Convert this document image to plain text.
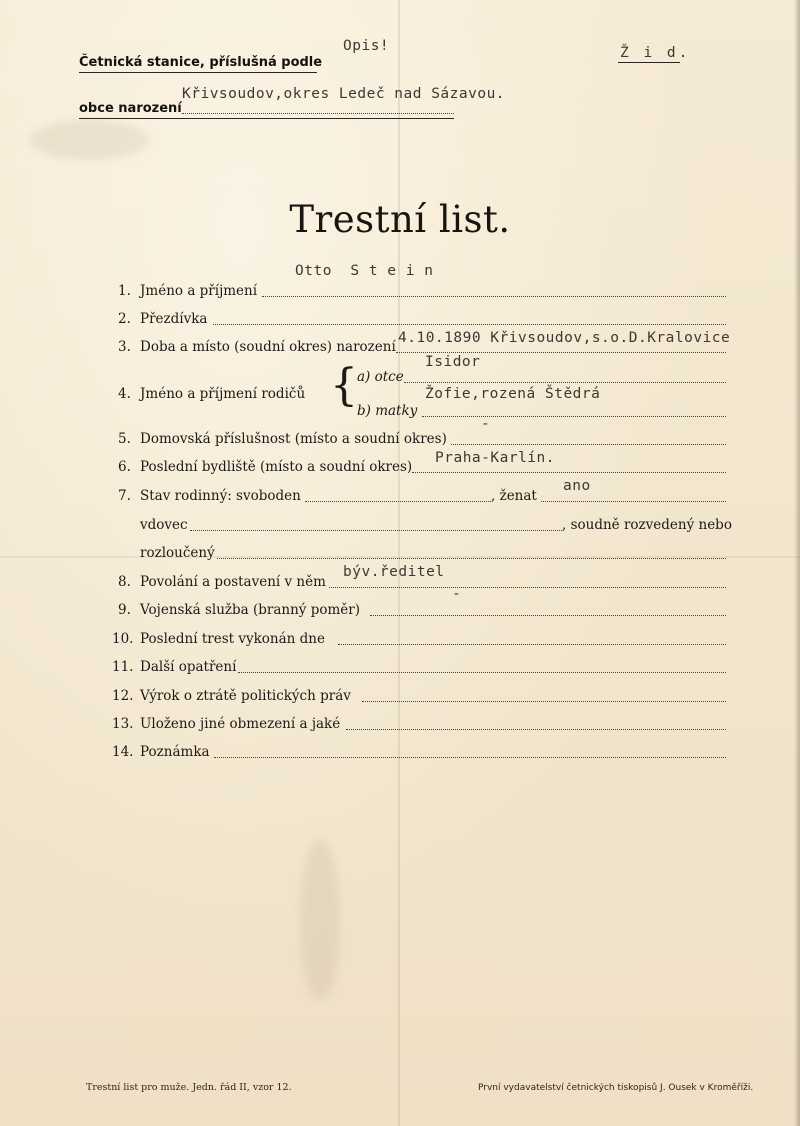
Četnická stanice, příslušná podle
Opis!	Ž i d.
obce narození
Křivsoudov,okres Ledeč nad Sázavou.
Trestní list.
1. Jméno a příjmení
Otto  S t e i n
2. Přezdívka
3. Doba a místo (soudní okres) narození
4.10.1890 Křivsoudov,s.o.D.Kralovice
4. Jméno a příjmení rodičů { a) otce
Isidor
b) matky
Žofie,rozená Štědrá
5. Domovská příslušnost (místo a soudní okres)
-
6. Poslední bydliště (místo a soudní okres)
Praha-Karlín.
7. Stav rodinný: svoboden	, ženat
ano
vdovec	, soudně rozvedený nebo
rozloučený
8. Povolání a postavení v něm
býv.ředitel
9. Vojenská služba (branný poměr)
-
10. Poslední trest vykonán dne
11. Další opatření
12. Výrok o ztrátě politických práv
13. Uloženo jiné obmezení a jaké
14. Poznámka
Trestní list pro muže. Jedn. řád II, vzor 12.	První vydavatelství četnických tiskopisů J. Ousek v Kroměříži.
